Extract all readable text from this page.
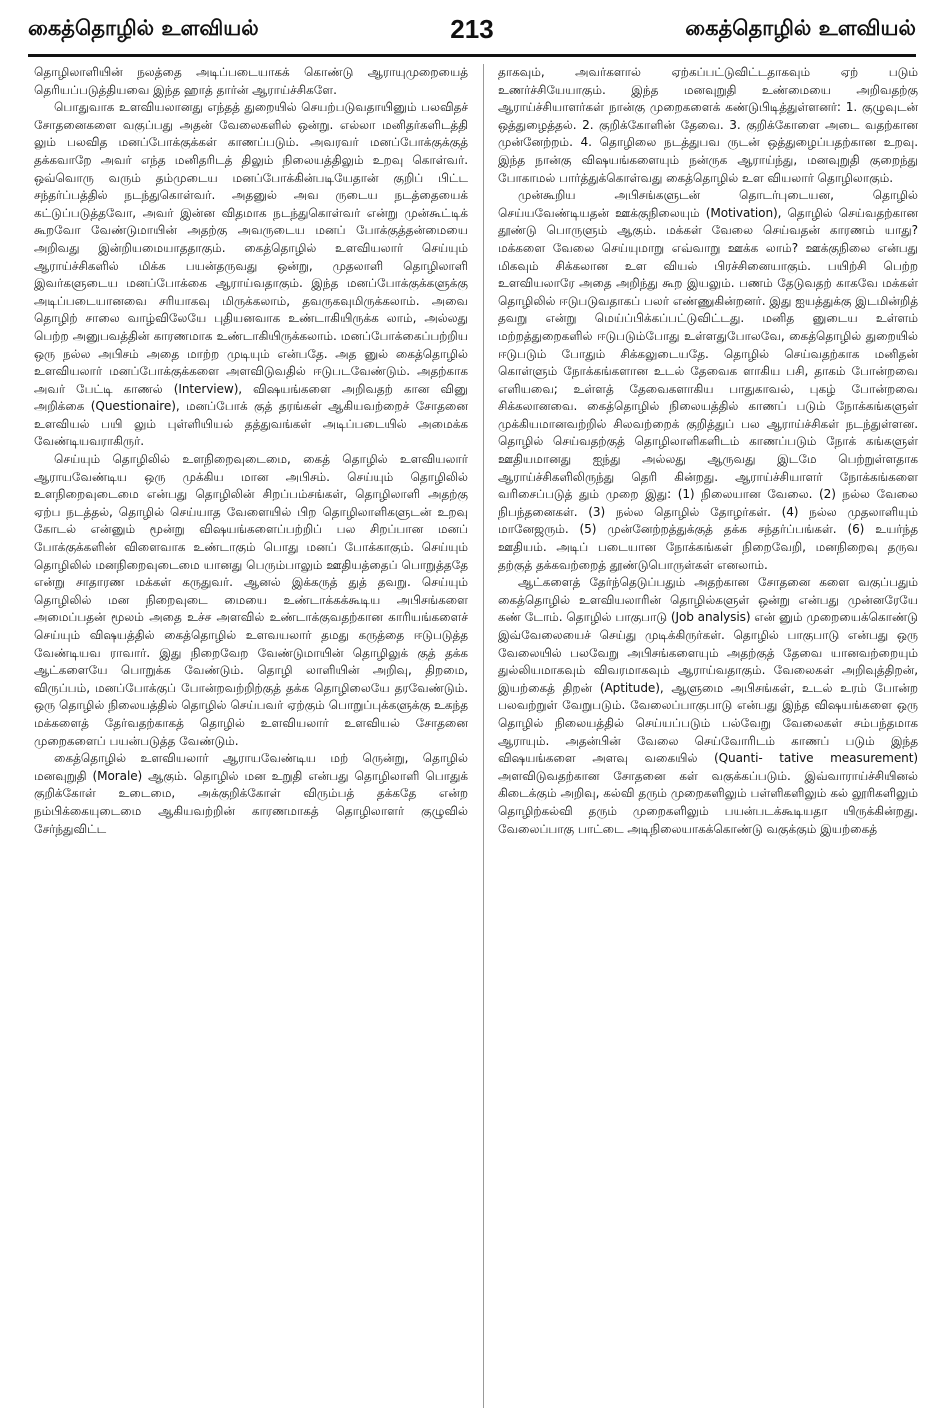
கைத்தொழில் உளவியல்	213	கைத்தொழில் உளவியல்

தொழிலாளியின் நலத்தை அடிப்படையாகக் கொண்டு ஆராயுமுறையைத் தெரியப்படுத்தியவை இந்த ஹாத் தார்ன் ஆராய்ச்சிகளே.

பொதுவாக உளவியலானது எந்தத் துறையில் செயற்படுவதாயினும் பலவிதச் சோதனைகளை வகுப்பது அதன் வேலைகளில் ஒன்று. எல்லா மனிதர்களிடத்தி லும் பலவித மனப்போக்குக்கள் காணப்படும். அவரவர் மனப்போக்குக்குத் தக்கவாறே அவர் எந்த மனிதரிடத் திலும் நிலையத்திலும் உறவு கொள்வர். ஒவ்வொரு வரும் தம்முடைய மனப்போக்கின்படியேதான் குறிப் பிட்ட சந்தர்ப்பத்தில் நடந்துகொள்வர். அதனுல் அவ ருடைய நடத்தையைக் கட்டுப்படுத்தவோ, அவர் இன்ன விதமாக நடந்துகொள்வர் என்று முன்கூட்டிக் கூறவோ வேண்டுமாயின் அதற்கு அவருடைய மனப் போக்குத்தன்மையை அறிவது இன்றியமையாததாகும். கைத்தொழில் உளவியலார் செய்யும் ஆராய்ச்சிகளில் மிக்க பயன்தருவது ஒன்று, முதலாளி தொழிலாளி இவர்களுடைய மனப்போக்கை ஆராய்வதாகும். இந்த மனப்போக்குக்களுக்கு அடிப்படையானவை சரியாகவு மிருக்கலாம், தவருகவுமிருக்கலாம். அவை தொழிற் சாலை வாழ்விலேயே புதியனவாக உண்டாகியிருக்க லாம், அல்லது பெற்ற அனுபவத்தின் காரணமாக உண்டாகியிருக்கலாம். மனப்போக்கைப்பற்றிய ஒரு நல்ல அபிசம் அதை மாற்ற முடியும் என்பதே. அத னுல் கைத்தொழில் உளவியலார் மனப்போக்குக்களை அளவிடுவதில் ஈடுபடவேண்டும். அதற்காக அவர் பேட்டி காணல் (Interview), விஷயங்களை அறிவதற் கான வினு அறிக்கை (Questionaire), மனப்போக் குத் தரங்கள் ஆகியவற்றைச் சோதனை உளவியல் பயி லும் புள்ளியியல் தத்துவங்கள் அடிப்படையில் அமைக்க வேண்டியவராகிருர்.

செய்யும் தொழிலில் உளநிறைவுடைமை, கைத் தொழில் உளவியலார் ஆராயவேண்டிய ஒரு முக்கிய மான அபிசம். செய்யும் தொழிலில் உளநிறைவுடைமை என்பது தொழிலின் சிறப்பம்சங்கள், தொழிலாளி அதற்கு ஏற்ப நடத்தல், தொழில் செய்யாத வேளையில் பிற தொழிலாளிகளுடன் உறவு கோடல் என்னும் மூன்று விஷயங்களைப்பற்றிப் பல சிறப்பான மனப் போக்குக்களின் விளைவாக உண்டாகும் பொது மனப் போக்காகும். செய்யும் தொழிலில் மனநிறைவுடைமை யானது பெரும்பாலும் ஊதியத்தைப் பொறுத்ததே என்று சாதாரண மக்கள் கருதுவர். ஆனல் இக்கருத் துத் தவறு. செய்யும் தொழிலில் மன நிறைவுடை மையை உண்டாக்கக்கூடிய அபிசங்களை அமைப்பதன் மூலம் அதை உச்ச அளவில் உண்டாக்குவதற்கான காரியங்களைச் செய்யும் விஷயத்தில் கைத்தொழில் உளவயலார் தமது கருத்தை ஈடுபடுத்த வேண்டியவ ராவார். இது நிறைவேற வேண்டுமாயின் தொழிலுக் குத் தக்க ஆட்களையே பொறுக்க வேண்டும். தொழி லாளியின் அறிவு, திறமை, விருப்பம், மனப்போக்குப் போன்றவற்றிற்குத் தக்க தொழிலையே தரவேண்டும். ஒரு தொழில் நிலையத்தில் தொழில் செய்பவர் ஏற்கும் பொறுப்புக்களுக்கு உகந்த மக்களைத் தேர்வதற்காகத் தொழில் உளவியலார் உளவியல் சோதனை முறைகளைப் பயன்படுத்த வேண்டும்.

கைத்தொழில் உளவியலார் ஆராயவேண்டிய மற் ருென்று, தொழில் மனவுறுதி (Morale) ஆகும். தொழில் மன உறுதி என்பது தொழிலாளி பொதுக் குறிக்கோள் உடைமை, அக்குறிக்கோள் விரும்பத் தக்கதே என்ற நம்பிக்கையுடைமை ஆகியவற்றின் காரணமாகத் தொழிலாளர் குழுவில் சேர்ந்துவிட்ட

தாகவும், அவர்களால் ஏற்கப்பட்டுவிட்டதாகவும் ஏற் படும் உணர்ச்சியேயாகும். இந்த மனவுறுதி உண்மையை அறிவதற்கு ஆராய்ச்சியாளர்கள் நான்கு முறைகளைக் கண்டுபிடித்துள்ளனர்: 1. குழுவுடன் ஒத்துழைத்தல். 2. குறிக்கோளின் தேவை. 3. குறிக்கோளை அடை வதற்கான முன்னேற்றம். 4. தொழிலை நடத்துபவ ருடன் ஒத்துழைப்பதற்கான உறவு. இந்த நான்கு விஷயங்களையும் நன்ருக ஆராய்ந்து, மனவுறுதி குறைந்து போகாமல் பார்த்துக்கொள்வது கைத்தொழில் உள வியலார் தொழிலாகும்.

முன்கூறிய அபிசங்களுடன் தொடர்புடையன, தொழில் செய்யவேண்டியதன் ஊக்குநிலையும் (Motivation), தொழில் செய்வதற்கான தூண்டு பொருளும் ஆகும். மக்கள் வேலை செய்வதன் காரணம் யாது? மக்களை வேலை செய்யுமாறு எவ்வாறு ஊக்க லாம்? ஊக்குநிலை என்பது மிகவும் சிக்கலான உள வியல் பிரச்சினையாகும். பயிற்சி பெற்ற உளவியலாரே அதை அறிந்து கூற இயலும். பணம் தேடுவதற் காகவே மக்கள் தொழிலில் ஈடுபடுவதாகப் பலர் எண்ணுகின்றனர். இது ஐயத்துக்கு இடமின்றித் தவறு என்று மெய்ப்பிக்கப்பட்டுவிட்டது. மனித னுடைய உள்ளம் மற்றத்துறைகளில் ஈடுபடும்போது உள்ளதுபோலவே, கைத்தொழில் துறையில் ஈடுபடும் போதும் சிக்கலுடையதே. தொழில் செய்வதற்காக மனிதன் கொள்ளும் நோக்கங்களான உடல் தேவைக ளாகிய பசி, தாகம் போன்றவை எளியவை; உள்ளத் தேவைகளாகிய பாதுகாவல், புகழ் போன்றவை சிக்கலானவை. கைத்தொழில் நிலையத்தில் காணப் படும் நோக்கங்களுள் முக்கியமானவற்றில் சிலவற்றைக் குறித்துப் பல ஆராய்ச்சிகள் நடந்துள்ளன. தொழில் செய்வதற்குத் தொழிலாளிகளிடம் காணப்படும் நோக் கங்களுள் ஊதியமானது ஐந்து அல்லது ஆருவது இடமே பெற்றுள்ளதாக ஆராய்ச்சிகளிலிருந்து தெரி கின்றது. ஆராய்ச்சியாளர் நோக்கங்களை வரிசைப்படுத் தும் முறை இது: (1) நிலையான வேலை. (2) நல்ல வேலை நிபந்தனைகள். (3) நல்ல தொழில் தோழர்கள். (4) நல்ல முதலாளியும் மானேஜரும். (5) முன்னேற்றத்துக்குத் தக்க சந்தர்ப்பங்கள். (6) உயர்ந்த ஊதியம். அடிப் படையான நோக்கங்கள் நிறைவேறி, மனநிறைவு தருவ தற்குத் தக்கவற்றைத் தூண்டுபொருள்கள் எனலாம்.

ஆட்களைத் தேர்ந்தெடுப்பதும் அதற்கான சோதனை களை வகுப்பதும் கைத்தொழில் உளவியலாரின் தொழில்களுள் ஒன்று என்பது முன்னரேயே கண் டோம். தொழில் பாகுபாடு (Job analysis) என் னும் முறையைக்கொண்டு இவ்வேலையைச் செய்து முடிக்கிருர்கள். தொழில் பாகுபாடு என்பது ஒரு வேலையில் பலவேறு அபிசங்களையும் அதற்குத் தேவை யானவற்றையும் துல்லியமாகவும் விவரமாகவும் ஆராய்வதாகும். வேலைகள் அறிவுத்திறன், இயற்கைத் திறன் (Aptitude), ஆளுமை அபிசங்கள், உடல் உரம் போன்ற பலவற்றுள் வேறுபடும். வேலைப்பாகுபாடு என்பது இந்த விஷயங்களை ஒரு தொழில் நிலையத்தில் செய்யப்படும் பல்வேறு வேலைகள் சம்பந்தமாக ஆராயும். அதன்பின் வேலை செய்வோரிடம் காணப் படும் இந்த விஷயங்களை அளவு வகையில் (Quanti- tative measurement) அளவிடுவதற்கான சோதனை கள் வகுக்கப்படும். இவ்வாராய்ச்சியினல் கிடைக்கும் அறிவு, கல்வி தரும் முறைகளிலும் பள்ளிகளிலும் கல் லூரிகளிலும் தொழிற்கல்வி தரும் முறைகளிலும் பயன்படக்கூடியதா யிருக்கின்றது. வேலைப்பாகு பாட்டை அடிநிலையாகக்கொண்டு வகுக்கும் இயற்கைத்
